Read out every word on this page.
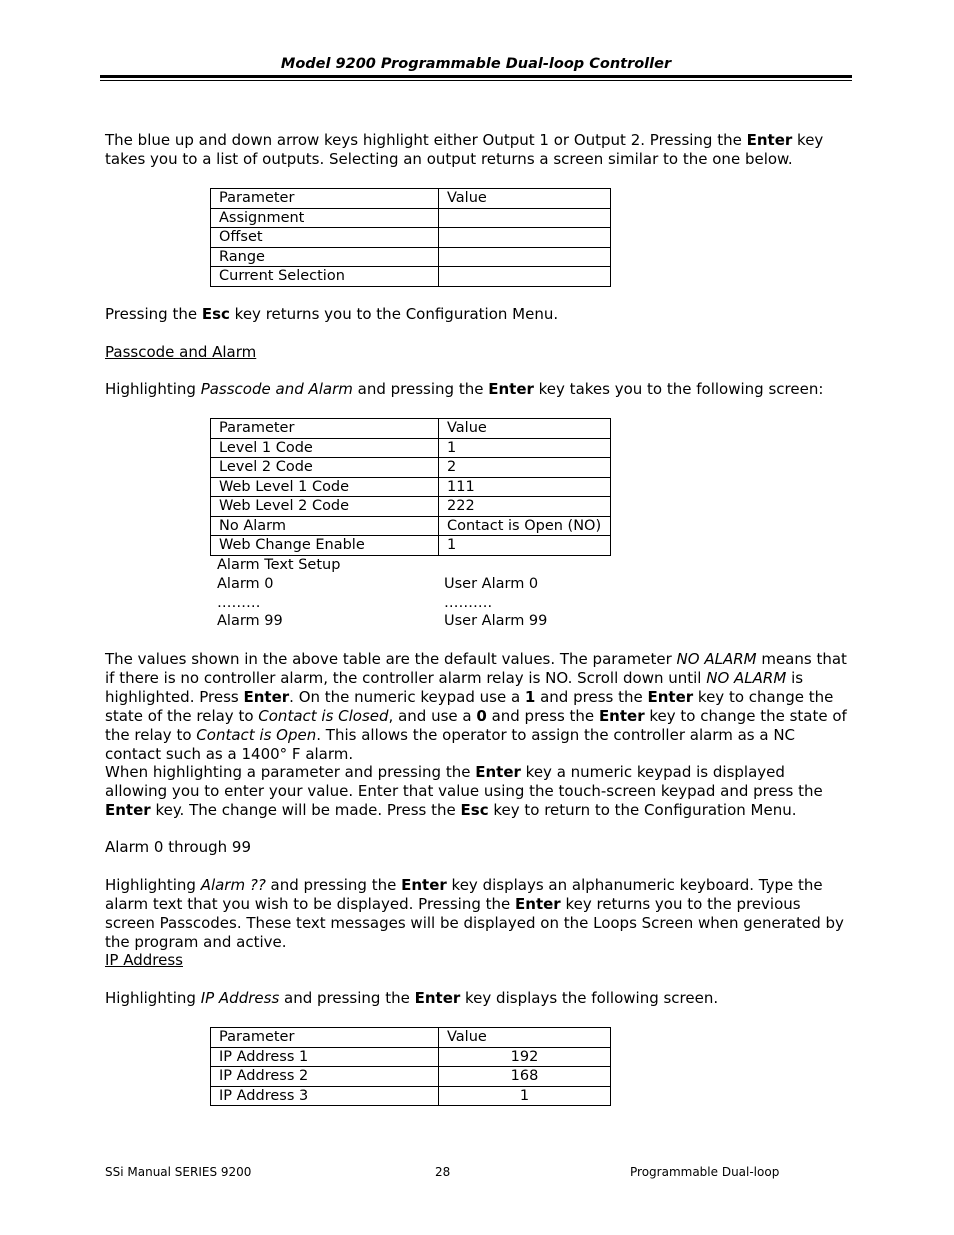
Model 9200 Programmable Dual-loop Controller
The blue up and down arrow keys highlight either Output 1 or Output 2. Pressing the Enter key takes you to a list of outputs. Selecting an output returns a screen similar to the one below.
Parameter	Value
Assignment	
Offset	
Range	
Current Selection	
Pressing the Esc key returns you to the Configuration Menu.
Passcode and Alarm
Highlighting Passcode and Alarm and pressing the Enter key takes you to the following screen:
Parameter	Value
Level 1 Code	1
Level 2 Code	2
Web Level 1 Code	111
Web Level 2 Code	222
No Alarm	Contact is Open (NO)
Web Change Enable	1
Alarm Text Setup
Alarm 0	User Alarm 0
………	……….
Alarm 99	User Alarm 99
The values shown in the above table are the default values. The parameter NO ALARM means that if there is no controller alarm, the controller alarm relay is NO. Scroll down until NO ALARM is highlighted. Press Enter. On the numeric keypad use a 1 and press the Enter key to change the state of the relay to Contact is Closed, and use a 0 and press the Enter key to change the state of the relay to Contact is Open. This allows the operator to assign the controller alarm as a NC contact such as a 1400° F alarm.
When highlighting a parameter and pressing the Enter key a numeric keypad is displayed allowing you to enter your value. Enter that value using the touch-screen keypad and press the Enter key. The change will be made. Press the Esc key to return to the Configuration Menu.
Alarm 0 through 99
Highlighting Alarm ?? and pressing the Enter key displays an alphanumeric keyboard. Type the alarm text that you wish to be displayed. Pressing the Enter key returns you to the previous screen Passcodes. These text messages will be displayed on the Loops Screen when generated by the program and active.
IP Address
Highlighting IP Address and pressing the Enter key displays the following screen.
Parameter	Value
IP Address 1	192
IP Address 2	168
IP Address 3	1
SSi Manual SERIES 9200	28	Programmable Dual-loop
